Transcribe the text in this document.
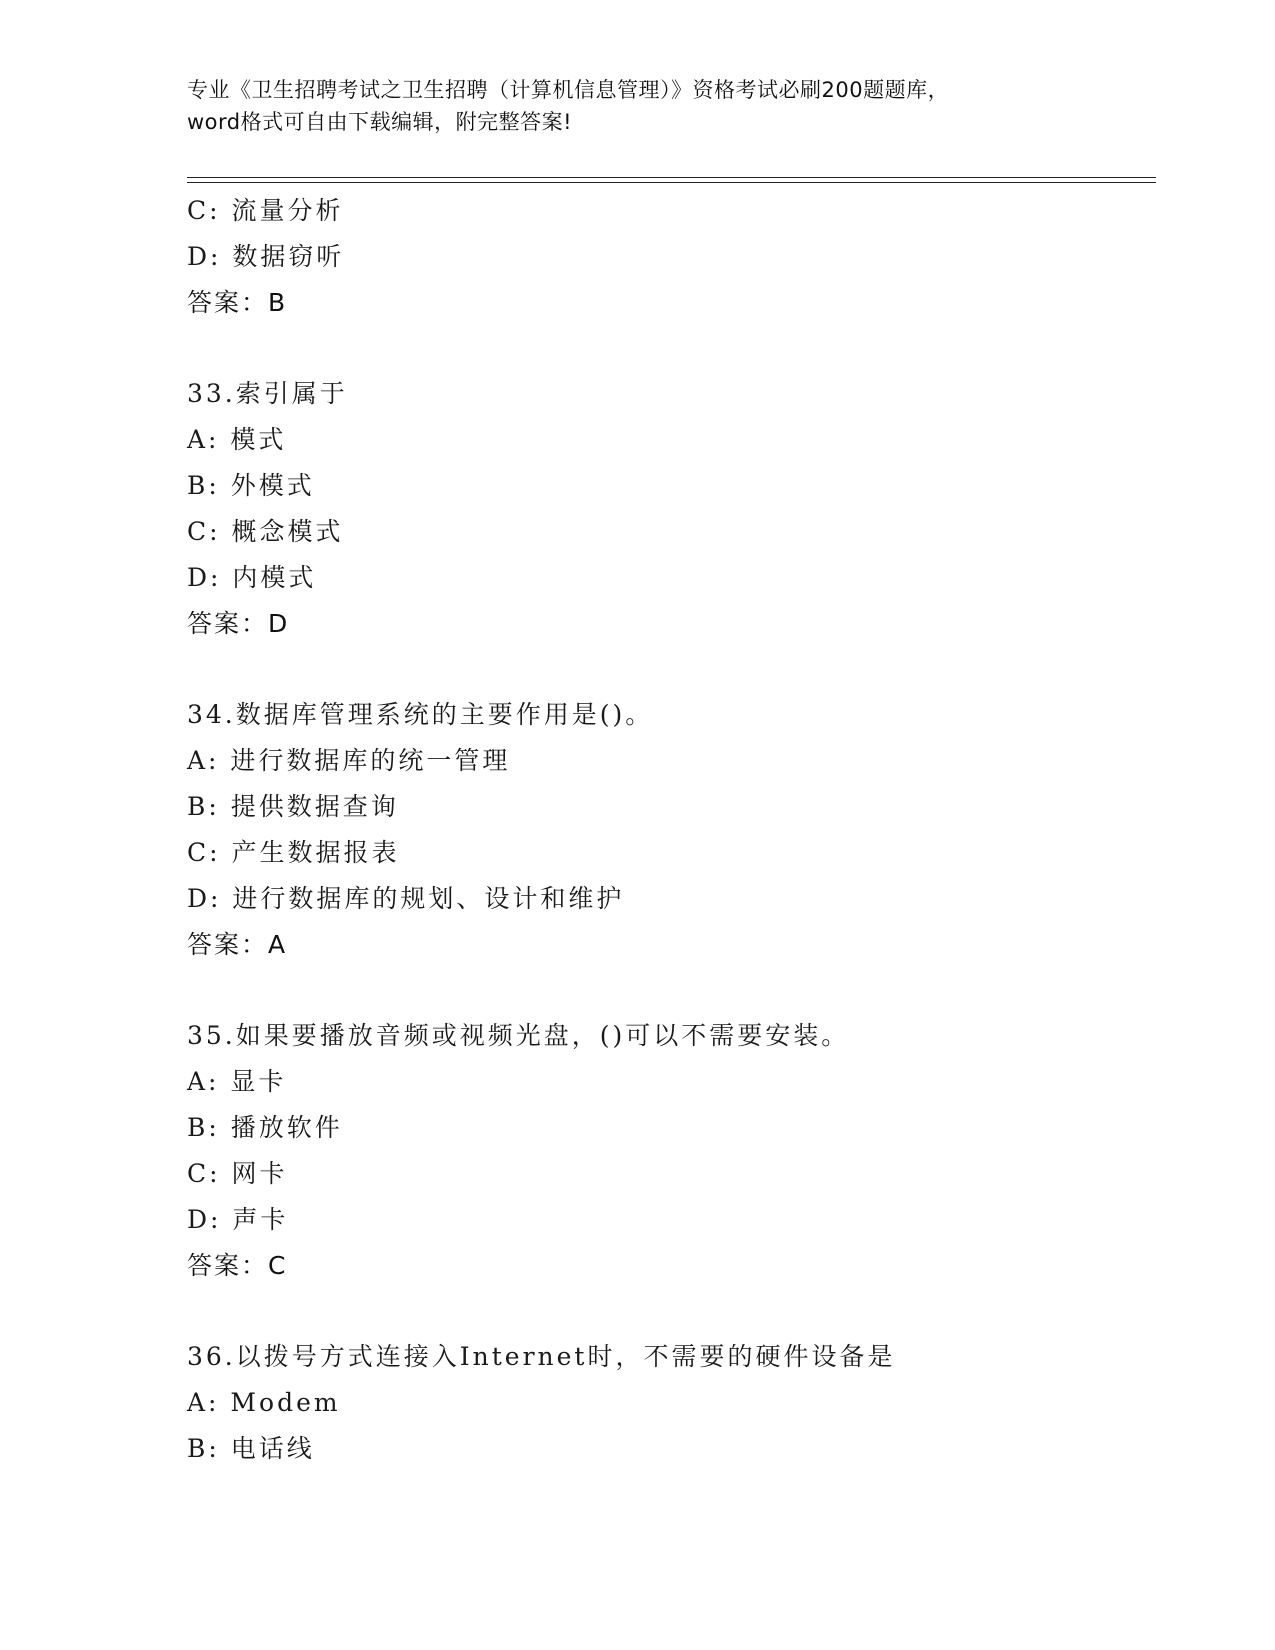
专业《卫生招聘考试之卫生招聘（计算机信息管理）》资格考试必刷200题题库，
word格式可自由下载编辑，附完整答案!
C: 流量分析
D: 数据窃听
答案：B
33.索引属于
A: 模式
B: 外模式
C: 概念模式
D: 内模式
答案：D
34.数据库管理系统的主要作用是()。
A: 进行数据库的统一管理
B: 提供数据查询
C: 产生数据报表
D: 进行数据库的规划、设计和维护
答案：A
35.如果要播放音频或视频光盘，()可以不需要安装。
A: 显卡
B: 播放软件
C: 网卡
D: 声卡
答案：C
36.以拨号方式连接入Internet时，不需要的硬件设备是
A: Modem
B: 电话线
